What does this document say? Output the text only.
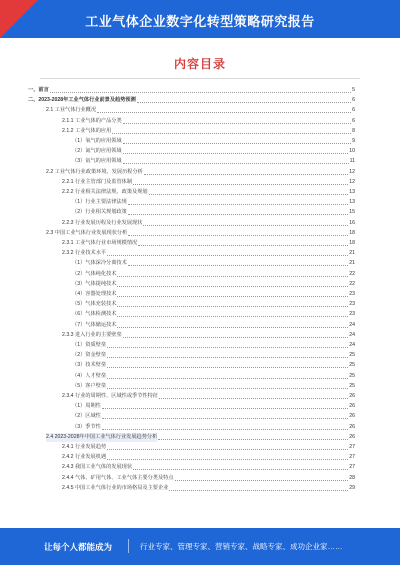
工业气体企业数字化转型策略研究报告
内容目录
一、前言	5
二、2023-2028年工业气体行业前景及趋势预测	6
2.1 工业气体行业概况	6
2.1.1 工业气体的产品分类	6
2.1.2 工业气体的应用	8
（1）氧气的应用领域	9
（2）氮气的应用领域	10
（3）氩气的应用领域	11
2.2 工业气体行业政策环境、发展历程分析	12
2.2.1 行业主管部门及监管体制	12
2.2.2 行业相关法律法规、政策及规划	13
（1）行业主要法律法规	13
（2）行业相关规划政策	15
2.2.3 行业发展历程及行业发展现状	16
2.3 中国工业气体行业发展现状分析	18
2.3.1 工业气体行业市场规模情况	18
2.3.2 行业技术水平	21
（1）气体深冷分离技术	21
（2）气体纯化技术	22
（3）气体提纯技术	22
（4）容器处理技术	23
（5）气体充装技术	23
（6）气体检测技术	23
（7）气体储运技术	24
2.3.3 进入行业的主要壁垒	24
（1）资质壁垒	24
（2）资金壁垒	25
（3）技术壁垒	25
（4）人才壁垒	25
（5）客户壁垒	25
2.3.4 行业的周期性、区域性或季节性特征	26
（1）周期性	26
（2）区域性	26
（3）季节性	26
2.4 2023-2028年中国工业气体行业发展趋势分析	26
2.4.1 行业发展趋势	27
2.4.2 行业发展机遇	27
2.4.3 我国工业气体的发展现状	27
2.4.4 气体、矿用气体、工业气体主要分类及特点	28
2.4.5 中国工业气体行业的市场格局及主要企业	29
让每个人都能成为	行业专家、管理专家、营销专家、战略专家、成功企业家……
